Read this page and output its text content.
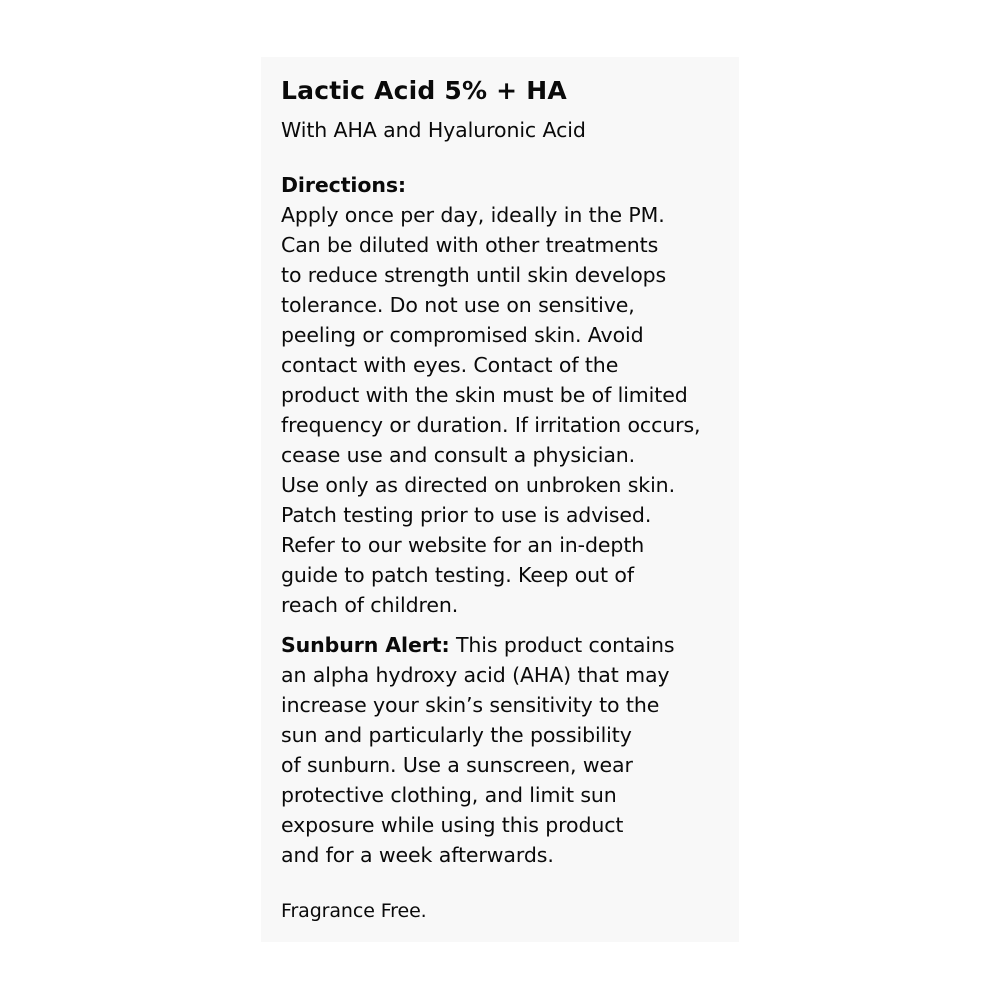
Lactic Acid 5% + HA
With AHA and Hyaluronic Acid
Directions:
Apply once per day, ideally in the PM.
Can be diluted with other treatments
to reduce strength until skin develops
tolerance. Do not use on sensitive,
peeling or compromised skin. Avoid
contact with eyes. Contact of the
product with the skin must be of limited
frequency or duration. If irritation occurs,
cease use and consult a physician.
Use only as directed on unbroken skin.
Patch testing prior to use is advised.
Refer to our website for an in-depth
guide to patch testing. Keep out of
reach of children.
Sunburn Alert: This product contains
an alpha hydroxy acid (AHA) that may
increase your skin’s sensitivity to the
sun and particularly the possibility
of sunburn. Use a sunscreen, wear
protective clothing, and limit sun
exposure while using this product
and for a week afterwards.
Fragrance Free.
